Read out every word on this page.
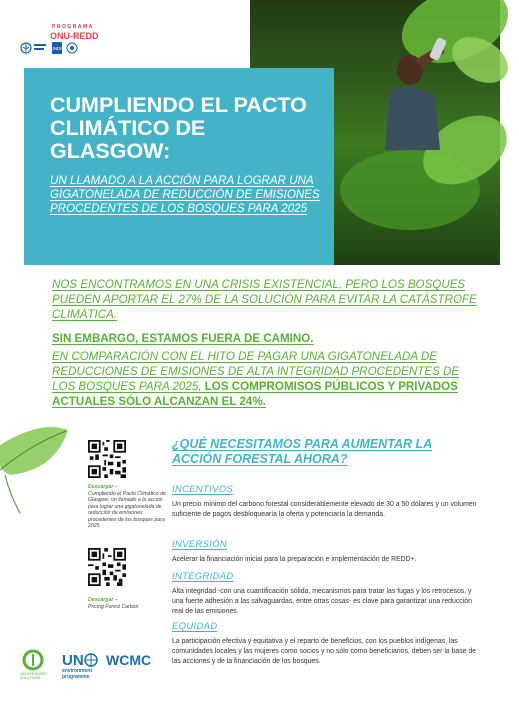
PROGRAMA
ONU-REDD
UNDP
CUMPLIENDO EL PACTO CLIMÁTICO DE GLASGOW:
UN LLAMADO A LA ACCIÓN PARA LOGRAR UNA GIGATONELADA DE REDUCCIÓN DE EMISIONES PROCEDENTES DE LOS BOSQUES PARA 2025
NOS ENCONTRAMOS EN UNA CRISIS EXISTENCIAL, PERO LOS BOSQUES PUEDEN APORTAR EL 27% DE LA SOLUCIÓN PARA EVITAR LA CATÁSTROFE CLIMÁTICA.
SIN EMBARGO, ESTAMOS FUERA DE CAMINO.
EN COMPARACIÓN CON EL HITO DE PAGAR UNA GIGATONELADA DE REDUCCIONES DE EMISIONES DE ALTA INTEGRIDAD PROCEDENTES DE LOS BOSQUES PARA 2025, LOS COMPROMISOS PÚBLICOS Y PRIVADOS ACTUALES SÓLO ALCANZAN EL 24%.
Descargar –
Cumpliendo el Pacto Climático de Glasgow: un llamado a la acción para lograr una gigatonelada de reducción de emisiones procedentes de los bosques para 2025
Descargar –
Pricing Forest Carbon
¿QUÉ NECESITAMOS PARA AUMENTAR LA ACCIÓN FORESTAL AHORA?
INCENTIVOS
Un precio mínimo del carbono forestal considerablemente elevado de 30 a 50 dólares y un volumen suficiente de pagos desbloquearía la oferta y potenciaría la demanda.
INVERSIÓN
Acelerar la financiación inicial para la preparación e implementación de REDD+.
INTEGRIDAD
Alta integridad -con una cuantificación sólida, mecanismos para tratar las fugas y los retrocesos, y una fuerte adhesión a las salvaguardas, entre otras cosas- es clave para garantizar una reducción real de las emisiones.
EQUIDAD
La participación efectiva y equitativa y el reparto de beneficios, con los pueblos indígenas, las comunidades locales y las mujeres como socios y no sólo como beneficiarios, deben ser la base de las acciones y de la financiación de los bosques.
NATURE BASED SOLUTIONS
UN
environment
programme
WCMC
